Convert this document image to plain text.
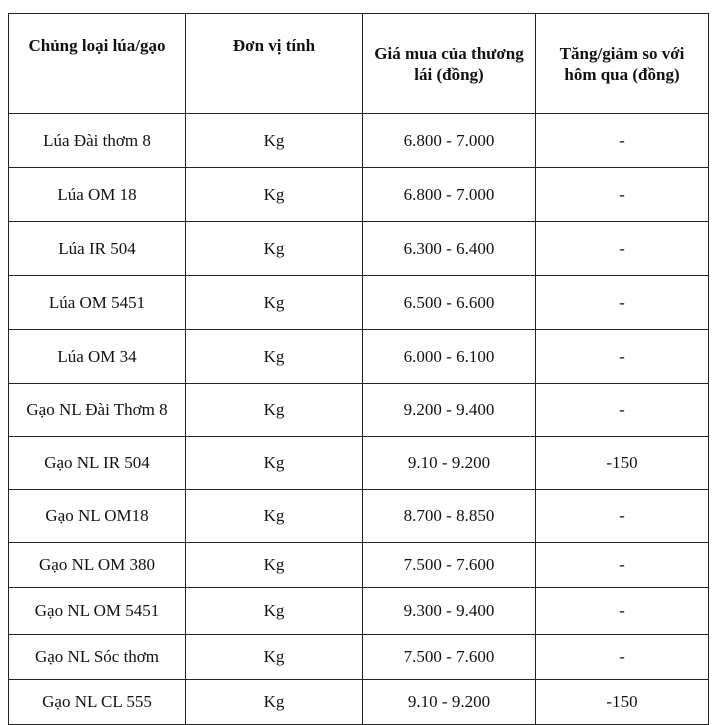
Chủng loại lúa/gạo	Đơn vị tính	Giá mua của thương lái (đồng)	Tăng/giảm so với hôm qua (đồng)
Lúa Đài thơm 8	Kg	6.800 - 7.000	-
Lúa OM 18	Kg	6.800 - 7.000	-
Lúa IR 504	Kg	6.300 - 6.400	-
Lúa OM 5451	Kg	6.500 - 6.600	-
Lúa OM 34	Kg	6.000 - 6.100	-
Gạo NL Đài Thơm 8	Kg	9.200 - 9.400	-
Gạo NL IR 504	Kg	9.10 - 9.200	-150
Gạo NL OM18	Kg	8.700 - 8.850	-
Gạo NL OM 380	Kg	7.500 - 7.600	-
Gạo NL OM 5451	Kg	9.300 - 9.400	-
Gạo NL Sóc thơm	Kg	7.500 - 7.600	-
Gạo NL CL 555	Kg	9.10 - 9.200	-150
